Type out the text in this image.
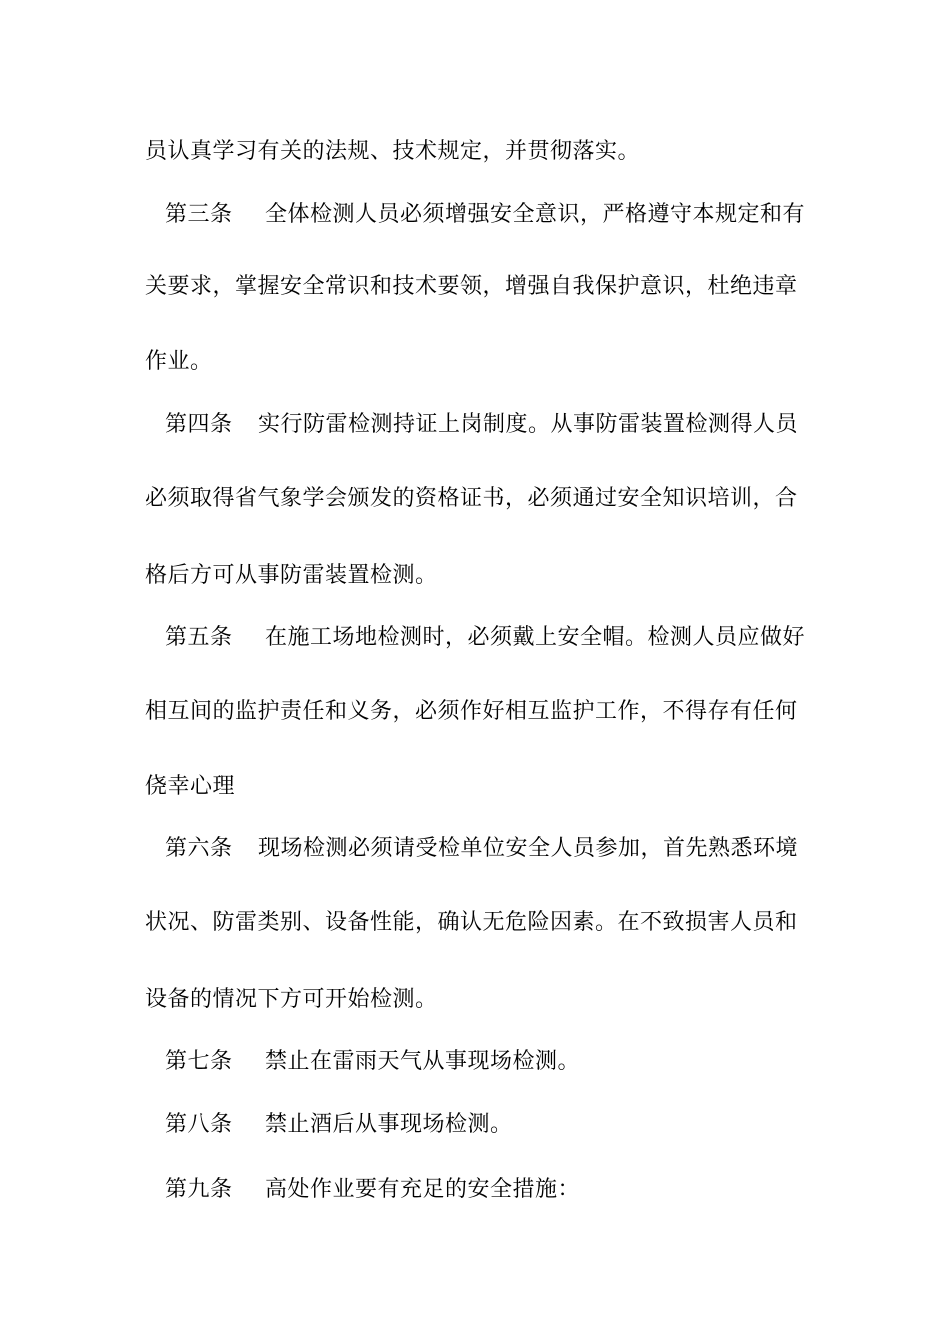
员认真学习有关的法规、技术规定，并贯彻落实。
第三条 全体检测人员必须增强安全意识，严格遵守本规定和有
关要求，掌握安全常识和技术要领，增强自我保护意识，杜绝违章
作业。
第四条 实行防雷检测持证上岗制度。从事防雷装置检测得人员
必须取得省气象学会颁发的资格证书，必须通过安全知识培训，合
格后方可从事防雷装置检测。
第五条 在施工场地检测时，必须戴上安全帽。检测人员应做好
相互间的监护责任和义务，必须作好相互监护工作，不得存有任何
侥幸心理
第六条 现场检测必须请受检单位安全人员参加，首先熟悉环境
状况、防雷类别、设备性能，确认无危险因素。在不致损害人员和
设备的情况下方可开始检测。
第七条 禁止在雷雨天气从事现场检测。
第八条 禁止酒后从事现场检测。
第九条 高处作业要有充足的安全措施：
